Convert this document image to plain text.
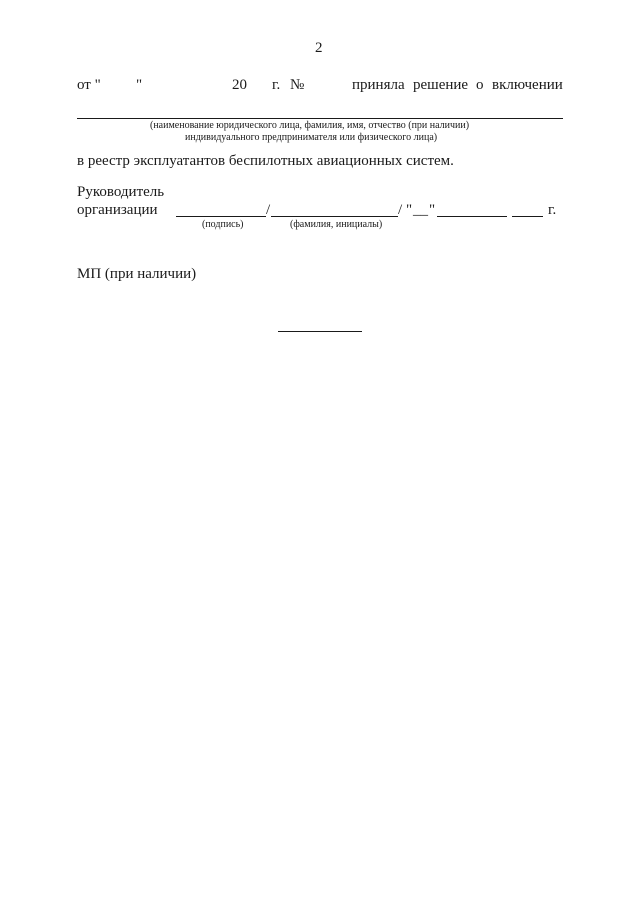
2
от " "	20 г. №	приняла решение о включении
(наименование юридического лица, фамилия, имя, отчество (при наличии)
индивидуального предпринимателя или физического лица)
в реестр эксплуатантов беспилотных авиационных систем.
Руководитель
организации	/	/ " __ "	г.
(подпись)	(фамилия, инициалы)
МП (при наличии)
